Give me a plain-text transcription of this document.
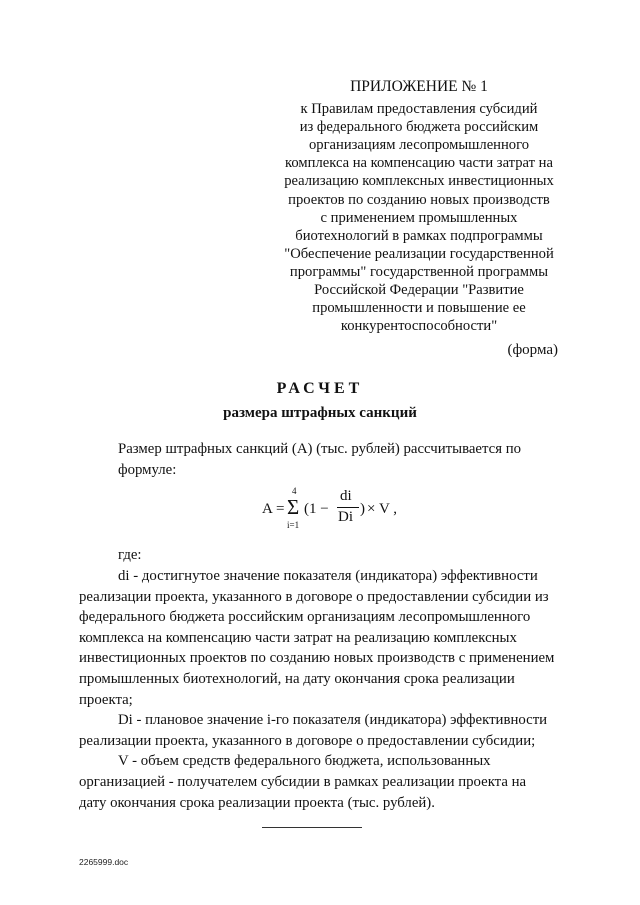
ПРИЛОЖЕНИЕ № 1
к Правилам предоставления субсидий
из федерального бюджета российским
организациям лесопромышленного
комплекса на компенсацию части затрат на
реализацию комплексных инвестиционных
проектов по созданию новых производств
с применением промышленных
биотехнологий в рамках подпрограммы
"Обеспечение реализации государственной
программы" государственной программы
Российской Федерации "Развитие
промышленности и повышение ее
конкурентоспособности"
(форма)
РАСЧЕТ
размера штрафных санкций
Размер штрафных санкций (А) (тыс. рублей) рассчитывается по
формуле:
А =
4
Σ
i=1
(1 −
di
Di ) × V ,
где:

di - достигнутое значение показателя (индикатора) эффективности
реализации проекта, указанного в договоре о предоставлении субсидии из
федерального бюджета российским организациям лесопромышленного
комплекса на компенсацию части затрат на реализацию комплексных
инвестиционных проектов по созданию новых производств с применением
промышленных биотехнологий, на дату окончания срока реализации
проекта;

Di - плановое значение i-го показателя (индикатора) эффективности
реализации проекта, указанного в договоре о предоставлении субсидии;

V - объем средств федерального бюджета, использованных
организацией - получателем субсидии в рамках реализации проекта на
дату окончания срока реализации проекта (тыс. рублей).

2265999.doc
